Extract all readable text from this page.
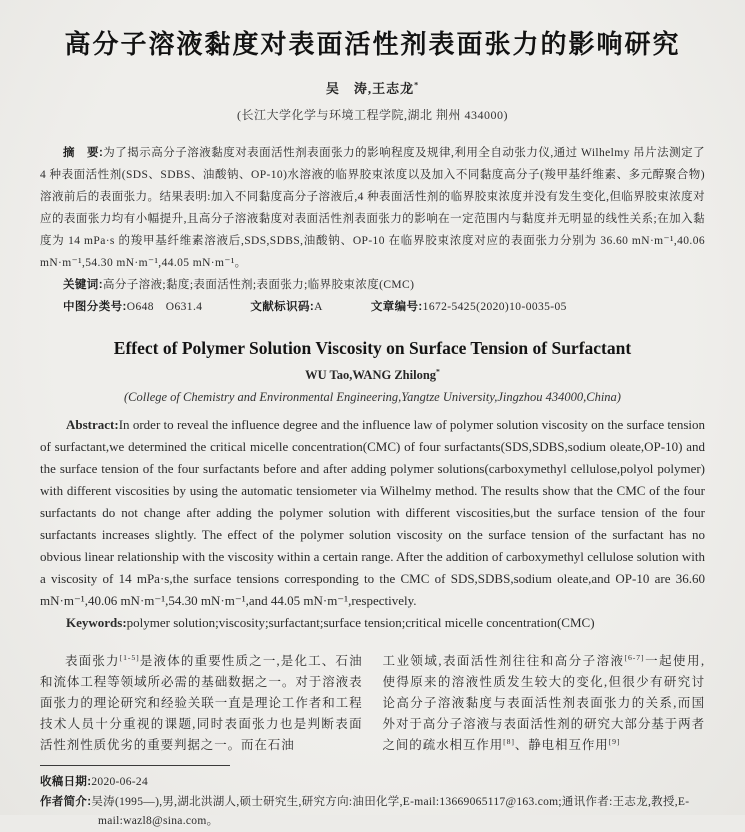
高分子溶液黏度对表面活性剂表面张力的影响研究

吴　涛,王志龙*

(长江大学化学与环境工程学院,湖北 荆州 434000)

摘　要:为了揭示高分子溶液黏度对表面活性剂表面张力的影响程度及规律,利用全自动张力仪,通过 Wilhelmy 吊片法测定了 4 种表面活性剂(SDS、SDBS、油酸钠、OP-10)水溶液的临界胶束浓度以及加入不同黏度高分子(羧甲基纤维素、多元醇聚合物)溶液前后的表面张力。结果表明:加入不同黏度高分子溶液后,4 种表面活性剂的临界胶束浓度并没有发生变化,但临界胶束浓度对应的表面张力均有小幅提升,且高分子溶液黏度对表面活性剂表面张力的影响在一定范围内与黏度并无明显的线性关系;在加入黏度为 14 mPa·s 的羧甲基纤维素溶液后,SDS,SDBS,油酸钠、OP-10 在临界胶束浓度对应的表面张力分别为 36.60 mN·m⁻¹,40.06 mN·m⁻¹,54.30 mN·m⁻¹,44.05 mN·m⁻¹。

关键词:高分子溶液;黏度;表面活性剂;表面张力;临界胶束浓度(CMC)

中图分类号:O648　O631.4	文献标识码:A	文章编号:1672-5425(2020)10-0035-05
Effect of Polymer Solution Viscosity on Surface Tension of Surfactant

WU Tao,WANG Zhilong*

(College of Chemistry and Environmental Engineering,Yangtze University,Jingzhou 434000,China)

Abstract:In order to reveal the influence degree and the influence law of polymer solution viscosity on the surface tension of surfactant,we determined the critical micelle concentration(CMC) of four surfactants(SDS,SDBS,sodium oleate,OP-10) and the surface tension of the four surfactants before and after adding polymer solutions(carboxymethyl cellulose,polyol polymer) with different viscosities by using the automatic tensiometer via Wilhelmy method. The results show that the CMC of the four surfactants do not change after adding the polymer solution with different viscosities,but the surface tension of the four surfactants increases slightly. The effect of the polymer solution viscosity on the surface tension of the surfactant has no obvious linear relationship with the viscosity within a certain range. After the addition of carboxymethyl cellulose solution with a viscosity of 14 mPa·s,the surface tensions corresponding to the CMC of SDS,SDBS,sodium oleate,and OP-10 are 36.60 mN·m⁻¹,40.06 mN·m⁻¹,54.30 mN·m⁻¹,and 44.05 mN·m⁻¹,respectively.

Keywords:polymer solution;viscosity;surfactant;surface tension;critical micelle concentration(CMC)

表面张力[1-5]是液体的重要性质之一,是化工、石油和流体工程等领域所必需的基础数据之一。对于溶液表面张力的理论研究和经验关联一直是理论工作者和工程技术人员十分重视的课题,同时表面张力也是判断表面活性剂性质优劣的重要判据之一。而在石油

工业领域,表面活性剂往往和高分子溶液[6-7]一起使用,使得原来的溶液性质发生较大的变化,但很少有研究讨论高分子溶液黏度与表面活性剂表面张力的关系,而国外对于高分子溶液与表面活性剂的研究大部分基于两者之间的疏水相互作用[8]、静电相互作用[9]

收稿日期:2020-06-24

作者简介:吴涛(1995—),男,湖北洪湖人,硕士研究生,研究方向:油田化学,E-mail:13669065117@163.com;通讯作者:王志龙,教授,E-mail:wazl8@sina.com。
